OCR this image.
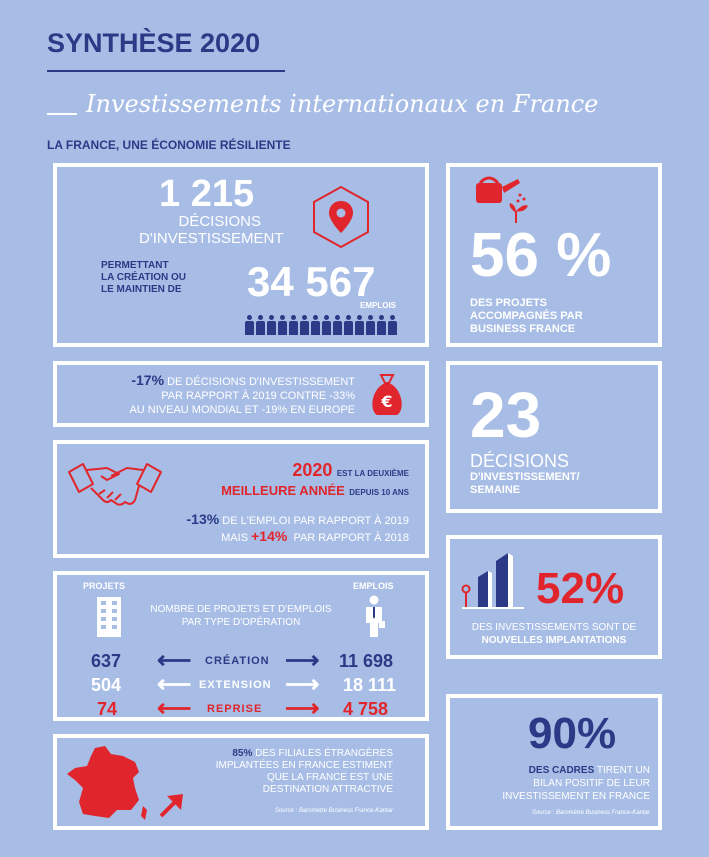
SYNTHÈSE 2020
Investissements internationaux en France
LA FRANCE, UNE ÉCONOMIE RÉSILIENTE
1 215
DÉCISIONS
D'INVESTISSEMENT
PERMETTANT
LA CRÉATION OU
LE MAINTIEN DE 34 567
EMPLOIS
56 %
DES PROJETS
ACCOMPAGNÉS PAR
BUSINESS FRANCE
-17% DE DÉCISIONS D'INVESTISSEMENT
PAR RAPPORT À 2019 CONTRE -33%
AU NIVEAU MONDIAL ET -19% EN EUROPE € 23
DÉCISIONS
D'INVESTISSEMENT/
SEMAINE
2020 EST LA DEUXIÈME
MEILLEURE ANNÉE DEPUIS 10 ANS
-13% DE L'EMPLOI PAR RAPPORT À 2019
MAIS +14% PAR RAPPORT À 2018
52%
DES INVESTISSEMENTS SONT DE
NOUVELLES IMPLANTATIONS
PROJETS	EMPLOIS
NOMBRE DE PROJETS ET D'EMPLOIS
PAR TYPE D'OPÉRATION
637 ⟵ CRÉATION ⟶ 11 698
504 ⟵ EXTENSION ⟶ 18 111
74 ⟵ REPRISE ⟶ 4 758	90%
DES CADRES TIRENT UN
BILAN POSITIF DE LEUR
INVESTISSEMENT EN FRANCE
Source : Baromètre Business France-Kantar
85% DES FILIALES ÉTRANGÈRES
IMPLANTÉES EN FRANCE ESTIMENT
QUE LA FRANCE EST UNE
DESTINATION ATTRACTIVE
Source : Baromètre Business France-Kantar
